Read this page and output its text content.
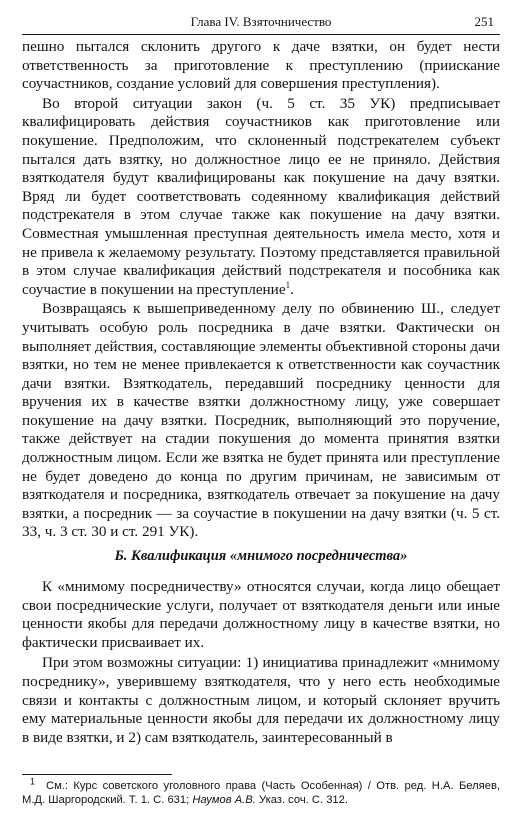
Глава IV. Взяточничество	251

пешно пытался склонить другого к даче взятки, он будет нести ответственность за приготовление к преступлению (приискание соучастников, создание условий для совершения преступления).

Во второй ситуации закон (ч. 5 ст. 35 УК) предписывает квалифицировать действия соучастников как приготовление или покушение. Предположим, что склоненный подстрекателем субъект пытался дать взятку, но должностное лицо ее не приняло. Действия взяткодателя будут квалифицированы как покушение на дачу взятки. Вряд ли будет соответствовать содеянному квалификация действий подстрекателя в этом случае также как покушение на дачу взятки. Совместная умышленная преступная деятельность имела место, хотя и не привела к желаемому результату. Поэтому представляется правильной в этом случае квалификация действий подстрекателя и пособника как соучастие в покушении на преступление$^1$.

Возвращаясь к вышеприведенному делу по обвинению Ш., следует учитывать особую роль посредника в даче взятки. Фактически он выполняет действия, составляющие элементы объективной стороны дачи взятки, но тем не менее привлекается к ответственности как соучастник дачи взятки. Взяткодатель, передавший посреднику ценности для вручения их в качестве взятки должностному лицу, уже совершает покушение на дачу взятки. Посредник, выполняющий это поручение, также действует на стадии покушения до момента принятия взятки должностным лицом. Если же взятка не будет принята или преступление не будет доведено до конца по другим причинам, не зависимым от взяткодателя и посредника, взяткодатель отвечает за покушение на дачу взятки, а посредник — за соучастие в покушении на дачу взятки (ч. 5 ст. 33, ч. 3 ст. 30 и ст. 291 УК).

Б. Квалификация «мнимого посредничества»

К «мнимому посредничеству» относятся случаи, когда лицо обещает свои посреднические услуги, получает от взяткодателя деньги или иные ценности якобы для передачи должностному лицу в качестве взятки, но фактически присваивает их.

При этом возможны ситуации: 1) инициатива принадлежит «мнимому посреднику», уверившему взяткодателя, что у него есть необходимые связи и контакты с должностным лицом, и который склоняет вручить ему материальные ценности якобы для передачи их должностному лицу в виде взятки, и 2) сам взяткодатель, заинтересованный в

$^1$ См.: Курс советского уголовного права (Часть Особенная) / Отв. ред. Н.А. Беляев, М.Д. Шаргородский. Т. 1. С. 631; Наумов А.В. Указ. соч. С. 312.
